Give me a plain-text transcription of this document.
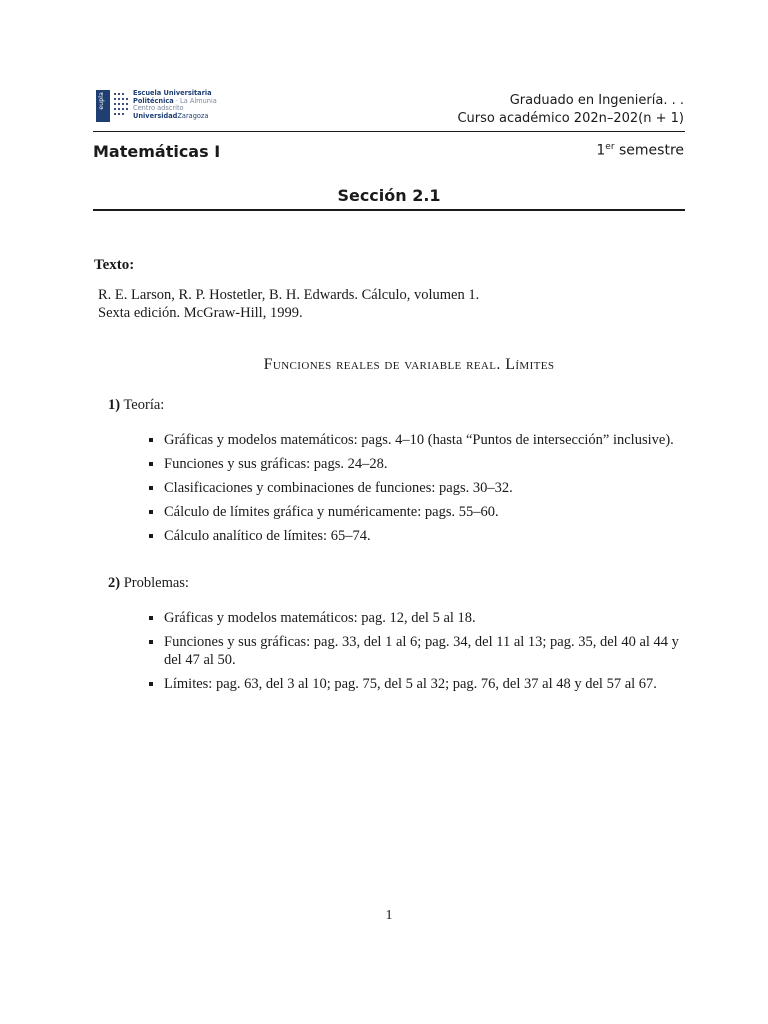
eupla	Escuela Universitaria
Politécnica · La Almunia
Centro adscrito
UniversidadZaragoza
Graduado en Ingeniería. . .
Curso académico 202n–202(n + 1)
Matemáticas I	1er semestre
Sección 2.1
Texto:
R. E. Larson, R. P. Hostetler, B. H. Edwards. Cálculo, volumen 1.
Sexta edición. McGraw-Hill, 1999.
Funciones reales de variable real. Límites
1) Teoría:
Gráficas y modelos matemáticos: pags. 4–10 (hasta “Puntos de intersección” inclusive).
Funciones y sus gráficas: pags. 24–28.
Clasificaciones y combinaciones de funciones: pags. 30–32.
Cálculo de límites gráfica y numéricamente: pags. 55–60.
Cálculo analítico de límites: 65–74.
2) Problemas:
Gráficas y modelos matemáticos: pag. 12, del 5 al 18.
Funciones y sus gráficas: pag. 33, del 1 al 6; pag. 34, del 11 al 13; pag. 35, del 40 al 44 y del 47 al 50.
Límites: pag. 63, del 3 al 10; pag. 75, del 5 al 32; pag. 76, del 37 al 48 y del 57 al 67.
1
